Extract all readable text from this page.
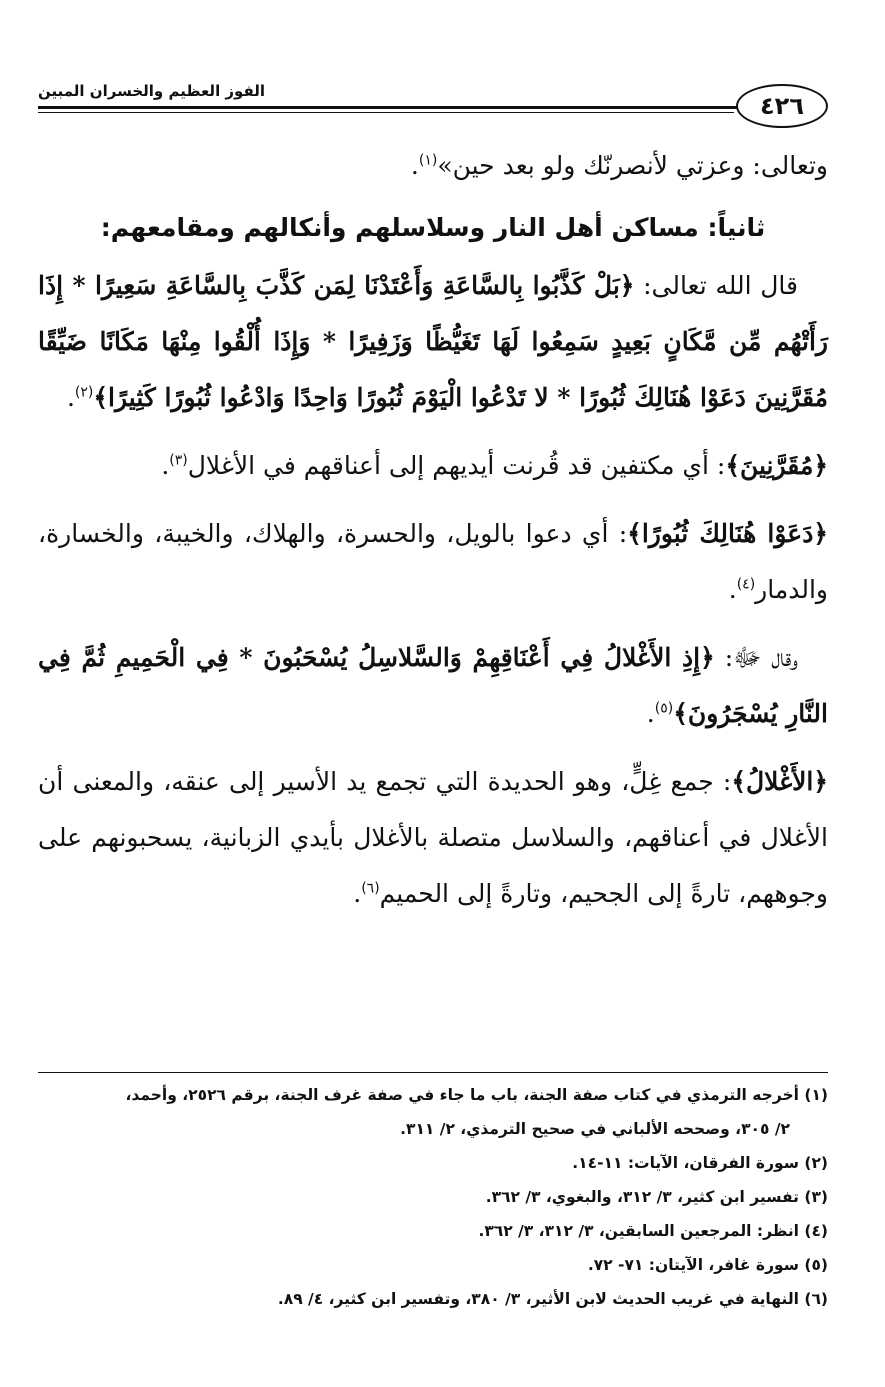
٤٢٦
الفوز العظيم والخسران المبين

وتعالى: وعزتي لأنصرنّك ولو بعد حين»$^{(١)}$.

ثانياً: مساكن أهل النار وسلاسلهم وأنكالهم ومقامعهم:

قال الله تعالى: ﴿بَلْ كَذَّبُوا بِالسَّاعَةِ وَأَعْتَدْنَا لِمَن كَذَّبَ بِالسَّاعَةِ سَعِيرًا * إِذَا رَأَتْهُم مِّن مَّكَانٍ بَعِيدٍ سَمِعُوا لَهَا تَغَيُّظًا وَزَفِيرًا * وَإِذَا أُلْقُوا مِنْهَا مَكَانًا ضَيِّقًا مُقَرَّنِينَ دَعَوْا هُنَالِكَ ثُبُورًا * لا تَدْعُوا الْيَوْمَ ثُبُورًا وَاحِدًا وَادْعُوا ثُبُورًا كَثِيرًا﴾$^{(٢)}$.

﴿مُقَرَّنِينَ﴾: أي مكتفين قد قُرنت أيديهم إلى أعناقهم في الأغلال$^{(٣)}$.

﴿دَعَوْا هُنَالِكَ ثُبُورًا﴾: أي دعوا بالويل، والحسرة، والهلاك، والخيبة، والخسارة، والدمار$^{(٤)}$.

وقال ﷻ: ﴿إِذِ الأَغْلالُ فِي أَعْنَاقِهِمْ وَالسَّلاسِلُ يُسْحَبُونَ * فِي الْحَمِيمِ ثُمَّ فِي النَّارِ يُسْجَرُونَ﴾$^{(٥)}$.

﴿الأَغْلالُ﴾: جمع غِلٍّ، وهو الحديدة التي تجمع يد الأسير إلى عنقه، والمعنى أن الأغلال في أعناقهم، والسلاسل متصلة بالأغلال بأيدي الزبانية، يسحبونهم على وجوههم، تارةً إلى الجحيم، وتارةً إلى الحميم$^{(٦)}$.

(١) أخرجه الترمذي في كتاب صفة الجنة، باب ما جاء في صفة غرف الجنة، برقم ٢٥٢٦، وأحمد،

٢/ ٣٠٥، وصححه الألباني في صحيح الترمذي، ٢/ ٣١١.

(٢) سورة الفرقان، الآيات: ١١-١٤.

(٣) تفسير ابن كثير، ٣/ ٣١٢، والبغوي، ٣/ ٣٦٢.

(٤) انظر: المرجعين السابقين، ٣/ ٣١٢، ٣/ ٣٦٢.

(٥) سورة غافر، الآيتان: ٧١- ٧٢.

(٦) النهاية في غريب الحديث لابن الأثير، ٣/ ٣٨٠، وتفسير ابن كثير، ٤/ ٨٩.
